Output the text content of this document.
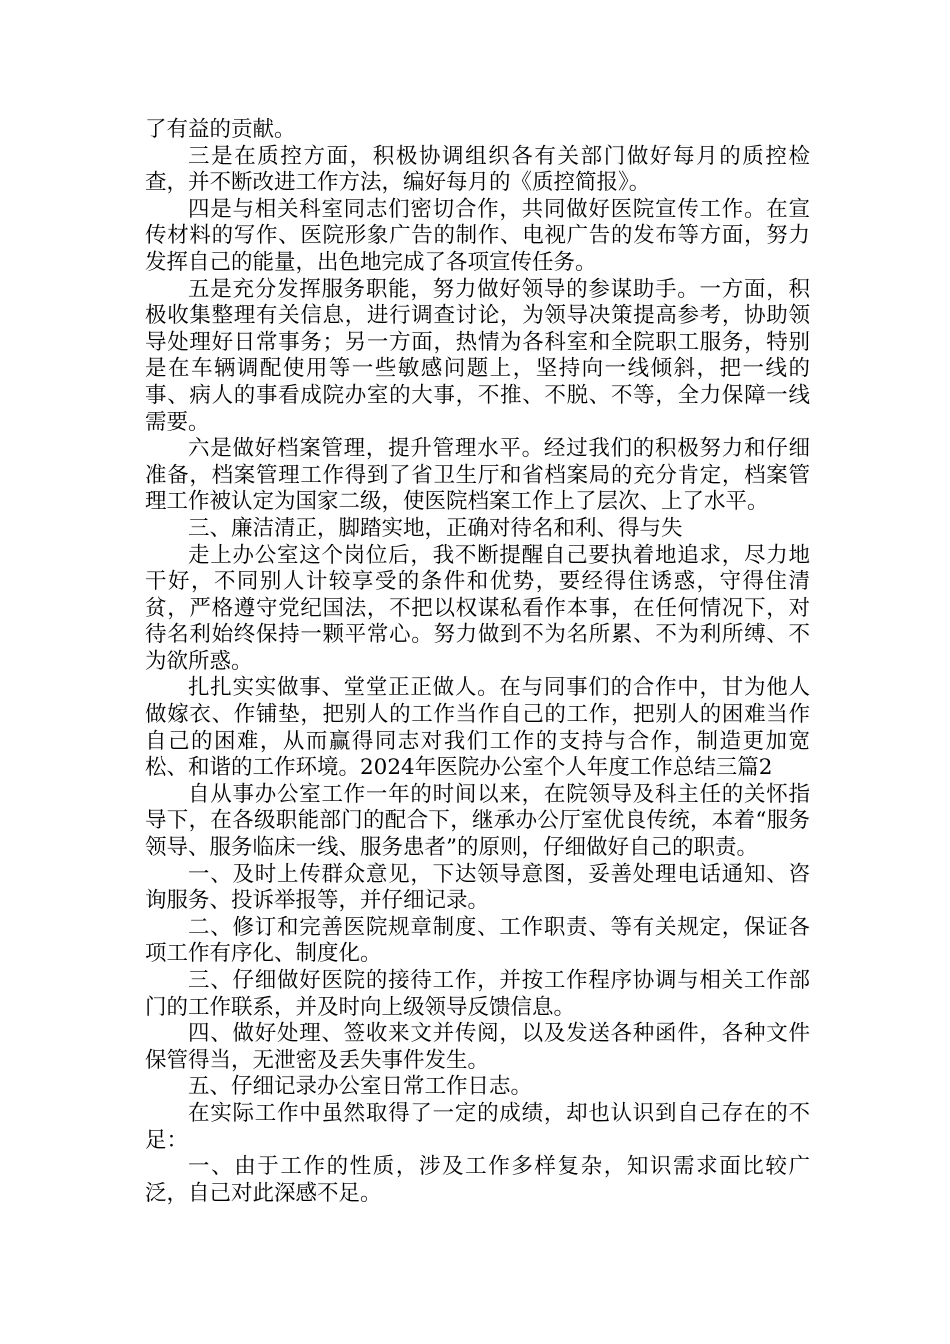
了有益的贡献。

三是在质控方面，积极协调组织各有关部门做好每月的质控检查，并不断改进工作方法，编好每月的《质控简报》。

四是与相关科室同志们密切合作，共同做好医院宣传工作。在宣传材料的写作、医院形象广告的制作、电视广告的发布等方面，努力发挥自己的能量，出色地完成了各项宣传任务。

五是充分发挥服务职能，努力做好领导的参谋助手。一方面，积极收集整理有关信息，进行调查讨论，为领导决策提高参考，协助领导处理好日常事务；另一方面，热情为各科室和全院职工服务，特别是在车辆调配使用等一些敏感问题上，坚持向一线倾斜，把一线的事、病人的事看成院办室的大事，不推、不脱、不等，全力保障一线需要。

六是做好档案管理，提升管理水平。经过我们的积极努力和仔细准备，档案管理工作得到了省卫生厅和省档案局的充分肯定，档案管理工作被认定为国家二级，使医院档案工作上了层次、上了水平。

三、廉洁清正，脚踏实地，正确对待名和利、得与失

走上办公室这个岗位后，我不断提醒自己要执着地追求，尽力地干好，不同别人计较享受的条件和优势，要经得住诱惑，守得住清贫，严格遵守党纪国法，不把以权谋私看作本事，在任何情况下，对待名利始终保持一颗平常心。努力做到不为名所累、不为利所缚、不为欲所惑。

扎扎实实做事、堂堂正正做人。在与同事们的合作中，甘为他人做嫁衣、作铺垫，把别人的工作当作自己的工作，把别人的困难当作自己的困难，从而赢得同志对我们工作的支持与合作，制造更加宽松、和谐的工作环境。2024年医院办公室个人年度工作总结三篇2

自从事办公室工作一年的时间以来，在院领导及科主任的关怀指导下，在各级职能部门的配合下，继承办公厅室优良传统，本着“服务领导、服务临床一线、服务患者”的原则，仔细做好自己的职责。

一、及时上传群众意见，下达领导意图，妥善处理电话通知、咨询服务、投诉举报等，并仔细记录。

二、修订和完善医院规章制度、工作职责、等有关规定，保证各项工作有序化、制度化。

三、仔细做好医院的接待工作，并按工作程序协调与相关工作部门的工作联系，并及时向上级领导反馈信息。

四、做好处理、签收来文并传阅，以及发送各种函件，各种文件保管得当，无泄密及丢失事件发生。

五、仔细记录办公室日常工作日志。

在实际工作中虽然取得了一定的成绩，却也认识到自己存在的不足：

一、由于工作的性质，涉及工作多样复杂，知识需求面比较广泛，自己对此深感不足。
